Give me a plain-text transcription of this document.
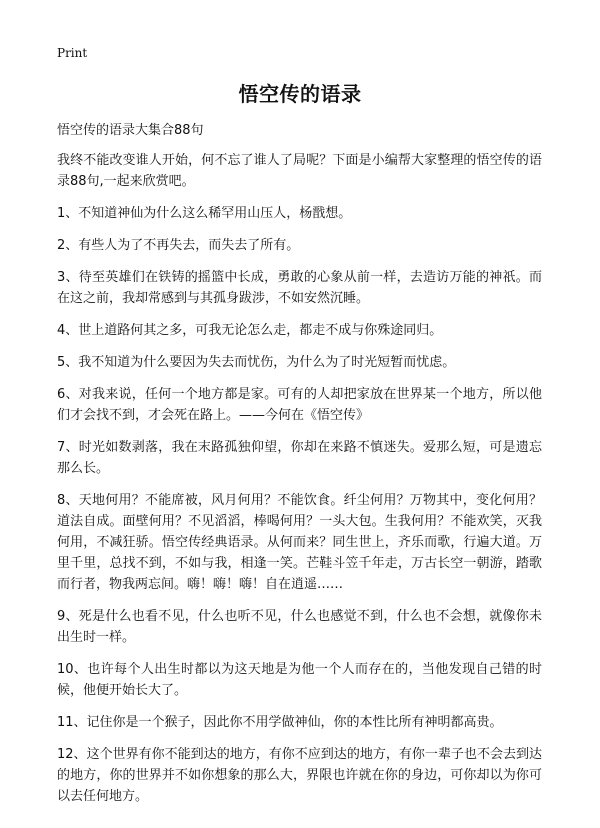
Print
悟空传的语录
悟空传的语录大集合88句

我终不能改变谁人开始，何不忘了谁人了局呢？下面是小编帮大家整理的悟空传的语录88句,一起来欣赏吧。

1、不知道神仙为什么这么稀罕用山压人，杨戬想。

2、有些人为了不再失去，而失去了所有。

3、待至英雄们在铁铸的摇篮中长成，勇敢的心象从前一样，去造访万能的神祇。而在这之前，我却常感到与其孤身跋涉，不如安然沉睡。

4、世上道路何其之多，可我无论怎么走，都走不成与你殊途同归。

5、我不知道为什么要因为失去而忧伤，为什么为了时光短暂而忧虑。

6、对我来说，任何一个地方都是家。可有的人却把家放在世界某一个地方，所以他们才会找不到，才会死在路上。——今何在《悟空传》

7、时光如数剥落，我在末路孤独仰望，你却在来路不慎迷失。爱那么短，可是遗忘那么长。

8、天地何用？不能席被，风月何用？不能饮食。纤尘何用？万物其中，变化何用？道法自成。面壁何用？不见滔滔，棒喝何用？一头大包。生我何用？不能欢笑，灭我何用，不减狂骄。悟空传经典语录。从何而来？同生世上，齐乐而歌，行遍大道。万里千里，总找不到，不如与我，相逢一笑。芒鞋斗笠千年走，万古长空一朝游，踏歌而行者，物我两忘间。嗨！嗨！嗨！自在逍遥……

9、死是什么也看不见，什么也听不见，什么也感觉不到，什么也不会想，就像你未出生时一样。

10、也许每个人出生时都以为这天地是为他一个人而存在的，当他发现自己错的时候，他便开始长大了。

11、记住你是一个猴子，因此你不用学做神仙，你的本性比所有神明都高贵。

12、这个世界有你不能到达的地方，有你不应到达的地方，有你一辈子也不会去到达的地方，你的世界并不如你想象的那么大，界限也许就在你的身边，可你却以为你可以去任何地方。
